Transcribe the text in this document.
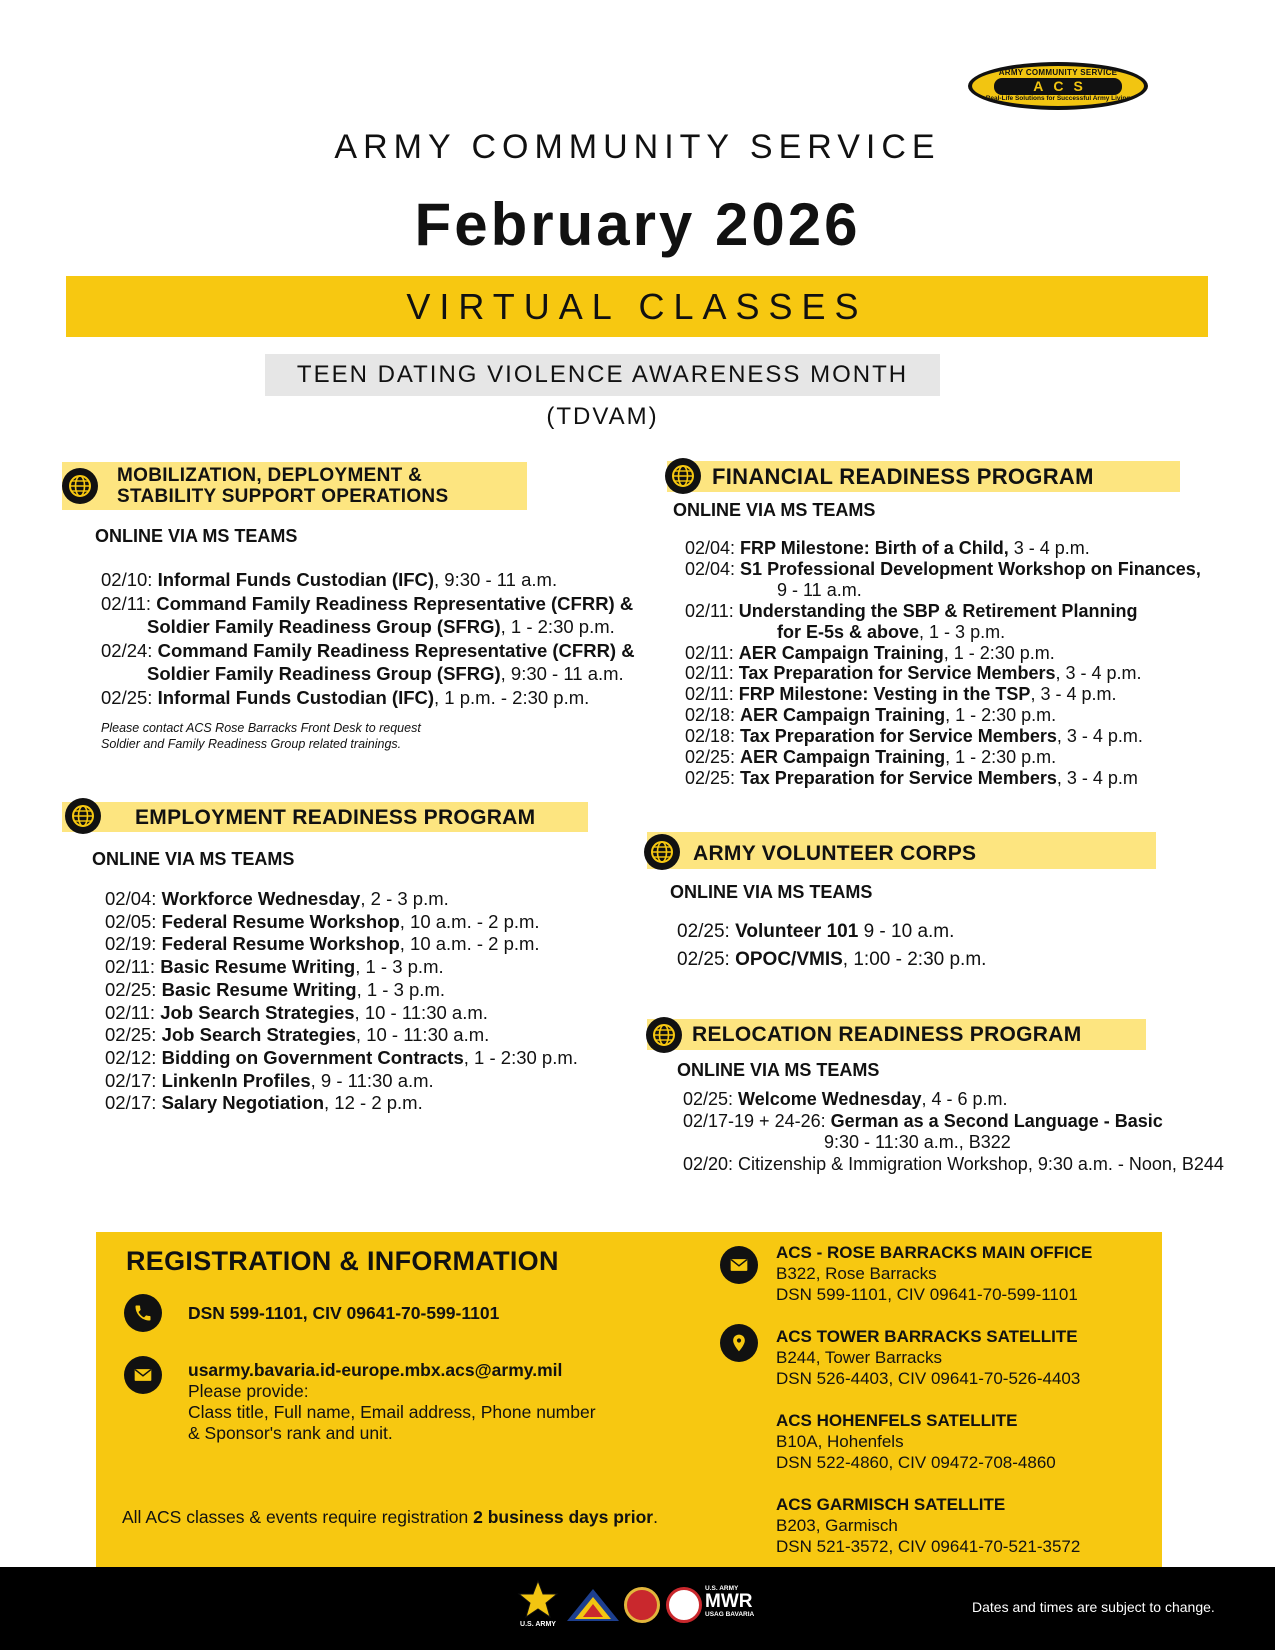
ARMY COMMUNITY SERVICE
ACS
Real-Life Solutions for Successful Army Living
ARMY COMMUNITY SERVICE
February 2026
VIRTUAL CLASSES
TEEN DATING VIOLENCE AWARENESS MONTH (TDVAM)
MOBILIZATION, DEPLOYMENT &
STABILITY SUPPORT OPERATIONS
ONLINE VIA MS TEAMS
02/10: Informal Funds Custodian (IFC), 9:30 - 11 a.m.
02/11: Command Family Readiness Representative (CFRR) &
Soldier Family Readiness Group (SFRG), 1 - 2:30 p.m.
02/24: Command Family Readiness Representative (CFRR) &
Soldier Family Readiness Group (SFRG), 9:30 - 11 a.m.
02/25: Informal Funds Custodian (IFC), 1 p.m. - 2:30 p.m.
Please contact ACS Rose Barracks Front Desk to request
Soldier and Family Readiness Group related trainings.
EMPLOYMENT READINESS PROGRAM
ONLINE VIA MS TEAMS
02/04: Workforce Wednesday, 2 - 3 p.m.
02/05: Federal Resume Workshop, 10 a.m. - 2 p.m.
02/19: Federal Resume Workshop, 10 a.m. - 2 p.m.
02/11: Basic Resume Writing, 1 - 3 p.m.
02/25: Basic Resume Writing, 1 - 3 p.m.
02/11: Job Search Strategies, 10 - 11:30 a.m.
02/25: Job Search Strategies, 10 - 11:30 a.m.
02/12: Bidding on Government Contracts, 1 - 2:30 p.m.
02/17: LinkenIn Profiles, 9 - 11:30 a.m.
02/17: Salary Negotiation, 12 - 2 p.m.
FINANCIAL READINESS PROGRAM
ONLINE VIA MS TEAMS
02/04: FRP Milestone: Birth of a Child, 3 - 4 p.m.
02/04: S1 Professional Development Workshop on Finances,
9 - 11 a.m.
02/11: Understanding the SBP & Retirement Planning
for E-5s & above, 1 - 3 p.m.
02/11: AER Campaign Training, 1 - 2:30 p.m.
02/11: Tax Preparation for Service Members, 3 - 4 p.m.
02/11: FRP Milestone: Vesting in the TSP, 3 - 4 p.m.
02/18: AER Campaign Training, 1 - 2:30 p.m.
02/18: Tax Preparation for Service Members, 3 - 4 p.m.
02/25: AER Campaign Training, 1 - 2:30 p.m.
02/25: Tax Preparation for Service Members, 3 - 4 p.m
ARMY VOLUNTEER CORPS
ONLINE VIA MS TEAMS
02/25: Volunteer 101 9 - 10 a.m.
02/25: OPOC/VMIS, 1:00 - 2:30 p.m.
RELOCATION READINESS PROGRAM
ONLINE VIA MS TEAMS
02/25: Welcome Wednesday, 4 - 6 p.m.
02/17-19 + 24-26: German as a Second Language - Basic
9:30 - 11:30 a.m., B322
02/20: Citizenship & Immigration Workshop, 9:30 a.m. - Noon, B244
REGISTRATION & INFORMATION
DSN 599-1101, CIV 09641-70-599-1101
usarmy.bavaria.id-europe.mbx.acs@army.mil
Please provide:
Class title, Full name, Email address, Phone number
& Sponsor's rank and unit.
All ACS classes & events require registration 2 business days prior.
ACS - ROSE BARRACKS MAIN OFFICE
B322, Rose Barracks
DSN 599-1101, CIV 09641-70-599-1101
ACS TOWER BARRACKS SATELLITE
B244, Tower Barracks
DSN 526-4403, CIV 09641-70-526-4403
ACS HOHENFELS SATELLITE
B10A, Hohenfels
DSN 522-4860, CIV 09472-708-4860
ACS GARMISCH SATELLITE
B203, Garmisch
DSN 521-3572, CIV 09641-70-521-3572
U.S. ARMY
U.S. ARMY
MWR
USAG BAVARIA	Dates and times are subject to change.
